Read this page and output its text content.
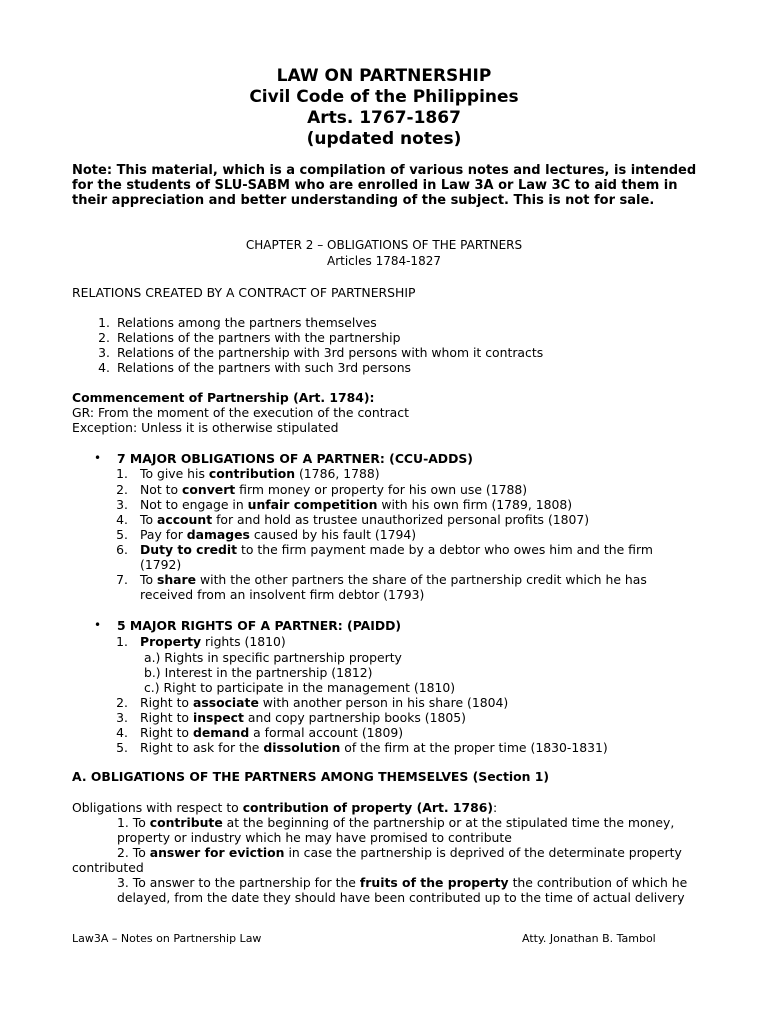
LAW ON PARTNERSHIP
Civil Code of the Philippines
Arts. 1767-1867
(updated notes)
Note: This material, which is a compilation of various notes and lectures, is intended for the students of SLU-SABM who are enrolled in Law 3A or Law 3C to aid them in their appreciation and better understanding of the subject. This is not for sale.
CHAPTER 2 – OBLIGATIONS OF THE PARTNERS
Articles 1784-1827
RELATIONS CREATED BY A CONTRACT OF PARTNERSHIP
1. Relations among the partners themselves
2. Relations of the partners with the partnership
3. Relations of the partnership with 3rd persons with whom it contracts
4. Relations of the partners with such 3rd persons
Commencement of Partnership (Art. 1784):
GR: From the moment of the execution of the contract
Exception: Unless it is otherwise stipulated
• 7 MAJOR OBLIGATIONS OF A PARTNER: (CCU-ADDS)
1. To give his contribution (1786, 1788)
2. Not to convert firm money or property for his own use (1788)
3. Not to engage in unfair competition with his own firm (1789, 1808)
4. To account for and hold as trustee unauthorized personal profits (1807)
5. Pay for damages caused by his fault (1794)
6. Duty to credit to the firm payment made by a debtor who owes him and the firm
(1792)
7. To share with the other partners the share of the partnership credit which he has
received from an insolvent firm debtor (1793)
• 5 MAJOR RIGHTS OF A PARTNER: (PAIDD)
1. Property rights (1810)
a.) Rights in specific partnership property
b.) Interest in the partnership (1812)
c.) Right to participate in the management (1810)
2. Right to associate with another person in his share (1804)
3. Right to inspect and copy partnership books (1805)
4. Right to demand a formal account (1809)
5. Right to ask for the dissolution of the firm at the proper time (1830-1831)
A. OBLIGATIONS OF THE PARTNERS AMONG THEMSELVES (Section 1)
Obligations with respect to contribution of property (Art. 1786):
1. To contribute at the beginning of the partnership or at the stipulated time the money,
property or industry which he may have promised to contribute
2. To answer for eviction in case the partnership is deprived of the determinate property
contributed
3. To answer to the partnership for the fruits of the property the contribution of which he
delayed, from the date they should have been contributed up to the time of actual delivery
Law3A – Notes on Partnership Law	Atty. Jonathan B. Tambol
